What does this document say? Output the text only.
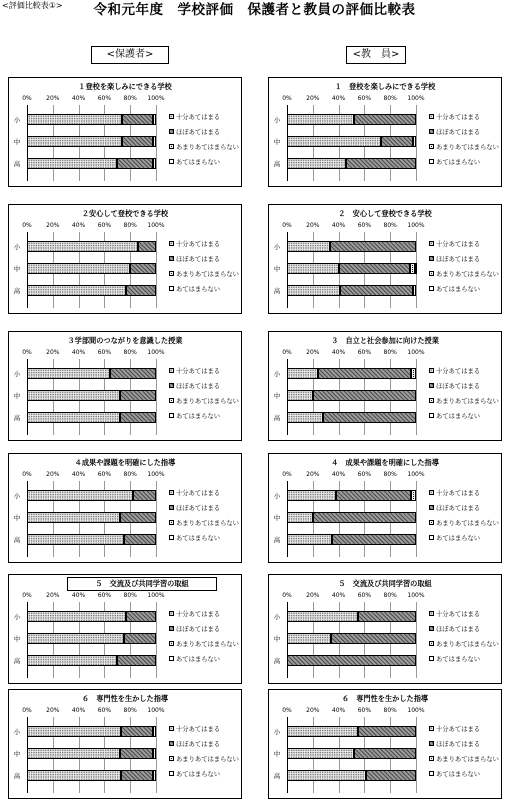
<評価比較表①>	令和元年度　学校評価　保護者と教員の評価比較表
<保護者>	<教　員>
１登校を楽しみにできる学校
0% 20% 40% 60% 80% 100%
小
中
高
十分あてはまる
ほぼあてはまる
あまりあてはまらない
あてはまらない
１　登校を楽しみにできる学校
0% 20% 40% 60% 80% 100%
小
中
高
十分あてはまる
ほぼあてはまる
あまりあてはまらない
あてはまらない
２安心して登校できる学校
0% 20% 40% 60% 80% 100%
小
中
高
十分あてはまる
ほぼあてはまる
あまりあてはまらない
あてはまらない
２　安心して登校できる学校
0% 20% 40% 60% 80% 100%
小
中
高
十分あてはまる
ほぼあてはまる
あまりあてはまらない
あてはまらない
３学部間のつながりを意識した授業
0% 20% 40% 60% 80% 100%
小
中
高
十分あてはまる
ほぼあてはまる
あまりあてはまらない
あてはまらない
３　自立と社会参加に向けた授業
0% 20% 40% 60% 80% 100%
小
中
高
十分あてはまる
ほぼあてはまる
あまりあてはまらない
あてはまらない
４成果や課題を明確にした指導
0% 20% 40% 60% 80% 100%
小
中
高
十分あてはまる
ほぼあてはまる
あまりあてはまらない
あてはまらない
４　成果や課題を明確にした指導
0% 20% 40% 60% 80% 100%
小
中
高
十分あてはまる
ほぼあてはまる
あまりあてはまらない
あてはまらない
５　交流及び共同学習の取組
0% 20% 40% 60% 80% 100%
小
中
高
十分あてはまる
ほぼあてはまる
あまりあてはまらない
あてはまらない
５　交流及び共同学習の取組
0% 20% 40% 60% 80% 100%
小
中
高
十分あてはまる
ほぼあてはまる
あまりあてはまらない
あてはまらない
６　専門性を生かした指導
0% 20% 40% 60% 80% 100%
小
中
高
十分あてはまる
ほぼあてはまる
あまりあてはまらない
あてはまらない
６　専門性を生かした指導
0% 20% 40% 60% 80% 100%
小
中
高
十分あてはまる
ほぼあてはまる
あまりあてはまらない
あてはまらない
